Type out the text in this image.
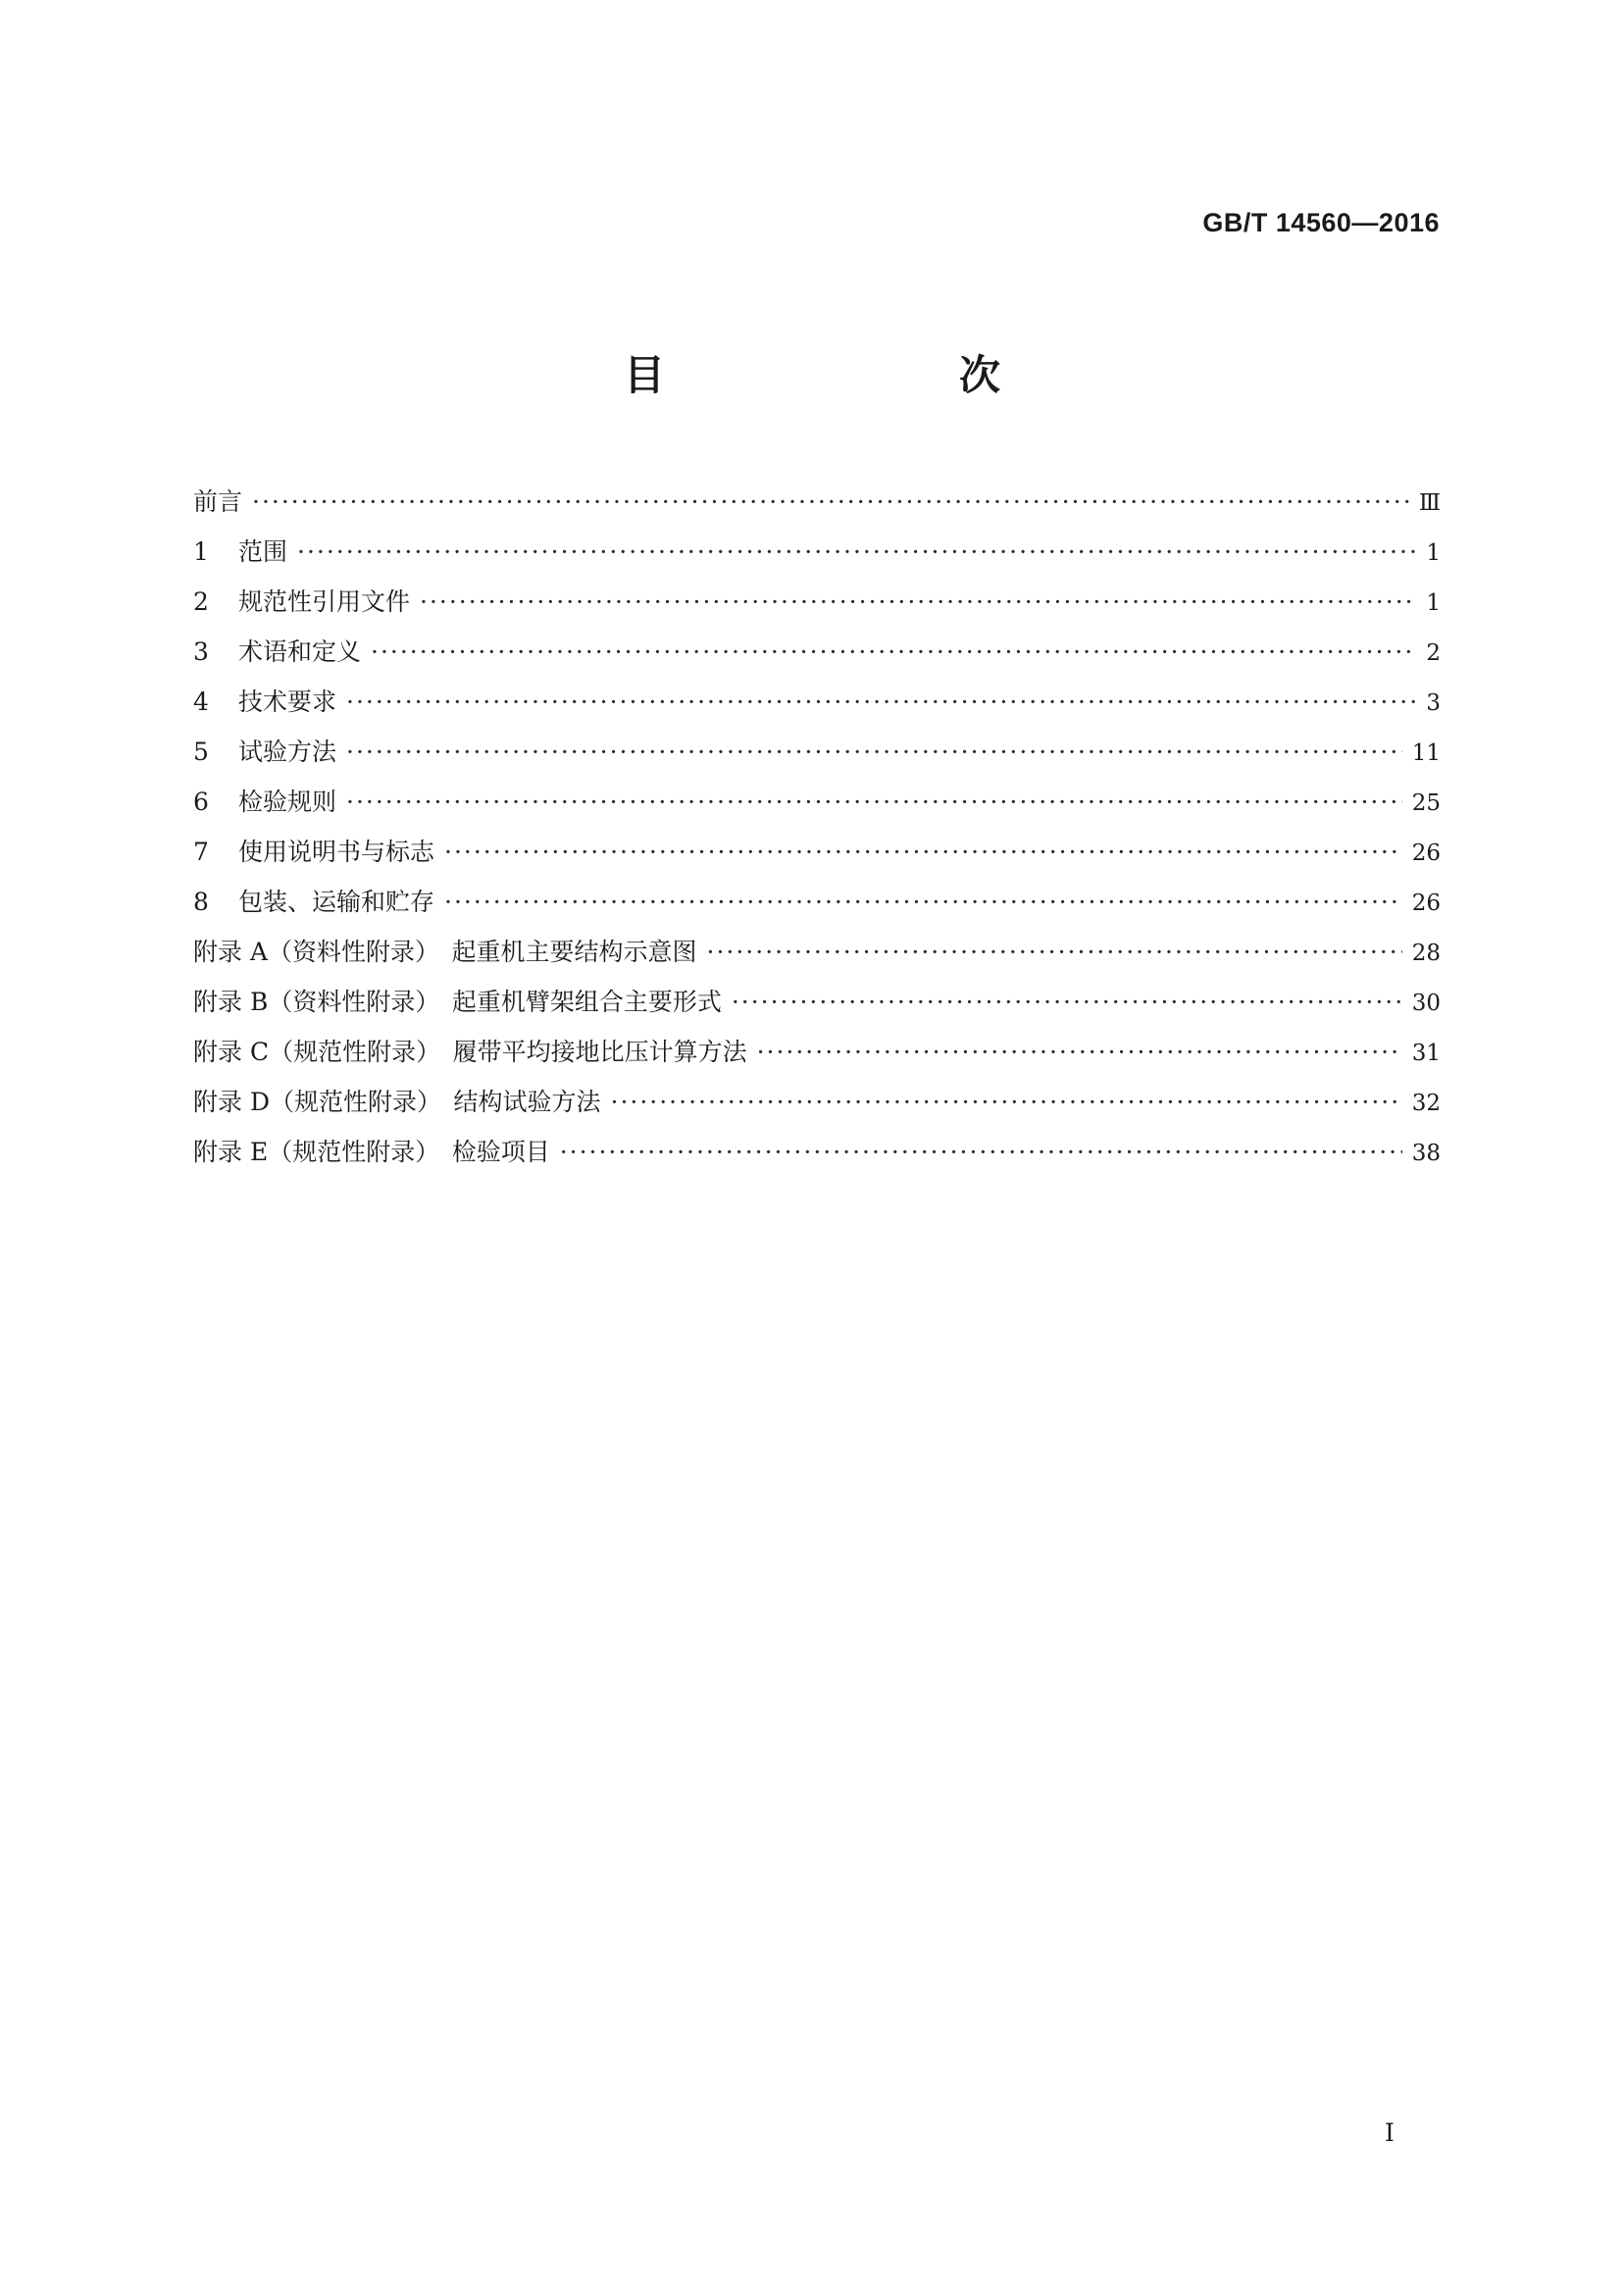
GB/T 14560—2016
目　　次
前言 ·····	Ⅲ
1	范围 ·····	1
2	规范性引用文件 ·····	1
3	术语和定义 ·····	2
4	技术要求 ·····	3
5	试验方法 ·····	11
6	检验规则 ·····	25
7	使用说明书与标志 ·····	26
8	包装、运输和贮存 ·····	26
附录 A（资料性附录）　起重机主要结构示意图 ·····	28
附录 B（资料性附录）　起重机臂架组合主要形式 ·····	30
附录 C（规范性附录）　履带平均接地比压计算方法 ·····	31
附录 D（规范性附录）　结构试验方法 ·····	32
附录 E（规范性附录）　检验项目 ·····	38
I
